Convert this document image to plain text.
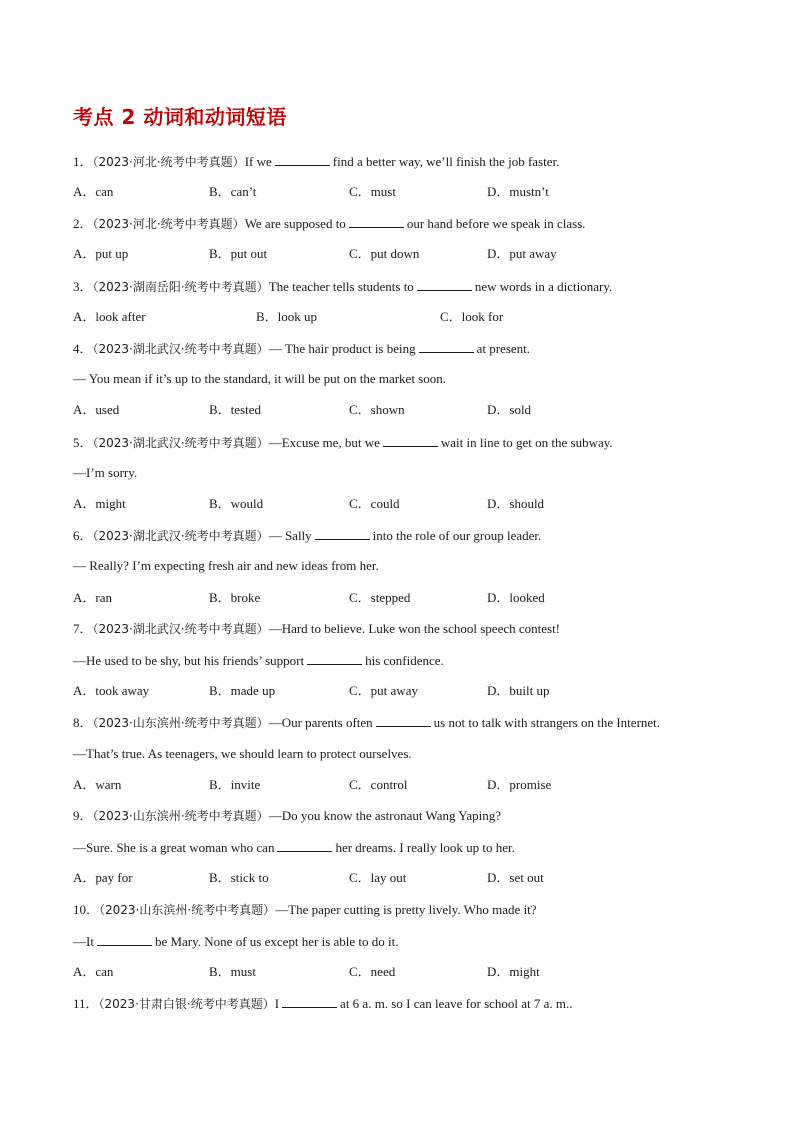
考点 2 动词和动词短语
1．（2023·河北·统考中考真题）If we	find a better way, we’ll finish the job faster.
A．can	B．can’t	C．must	D．mustn’t
2．（2023·河北·统考中考真题）We are supposed to	our hand before we speak in class.
A．put up	B．put out	C．put down	D．put away
3．（2023·湖南岳阳·统考中考真题）The teacher tells students to	new words in a dictionary.
A．look after	B．look up	C．look for
4．（2023·湖北武汉·统考中考真题）— The hair product is being	at present.
— You mean if it’s up to the standard, it will be put on the market soon.
A．used	B．tested	C．shown	D．sold
5．（2023·湖北武汉·统考中考真题）—Excuse me, but we	wait in line to get on the subway.
—I’m sorry.
A．might	B．would	C．could	D．should
6．（2023·湖北武汉·统考中考真题）— Sally	into the role of our group leader.
— Really? I’m expecting fresh air and new ideas from her.
A．ran	B．broke	C．stepped	D．looked
7．（2023·湖北武汉·统考中考真题）—Hard to believe. Luke won the school speech contest!
—He used to be shy, but his friends’ support	his confidence.
A．took away	B．made up	C．put away	D．built up
8．（2023·山东滨州·统考中考真题）—Our parents often	us not to talk with strangers on the Internet.
—That’s true. As teenagers, we should learn to protect ourselves.
A．warn	B．invite	C．control	D．promise
9．（2023·山东滨州·统考中考真题）—Do you know the astronaut Wang Yaping?
—Sure. She is a great woman who can	her dreams. I really look up to her.
A．pay for	B．stick to	C．lay out	D．set out
10．（2023·山东滨州·统考中考真题）—The paper cutting is pretty lively. Who made it?
—It	be Mary. None of us except her is able to do it.
A．can	B．must	C．need	D．might
11．（2023·甘肃白银·统考中考真题）I	at 6 a. m. so I can leave for school at 7 a. m..
